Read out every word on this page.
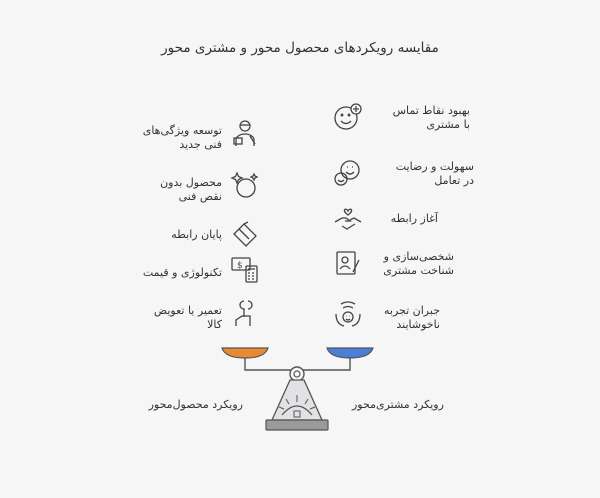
مقایسه رویکردهای محصول محور و مشتری محور
توسعه ویژگی‌های
فنی جدید
محصول بدون
نقص فنی
پایان رابطه
تکنولوژی و قیمت $
تعمیر یا تعویض
کالا
بهبود نقاط تماس
با مشتری
سهولت و رضایت
در تعامل
آغاز رابطه
شخصی‌سازی و
شناخت مشتری
جبران تجربه
ناخوشایند
رویکرد محصول‌محور	رویکرد مشتری‌محور
